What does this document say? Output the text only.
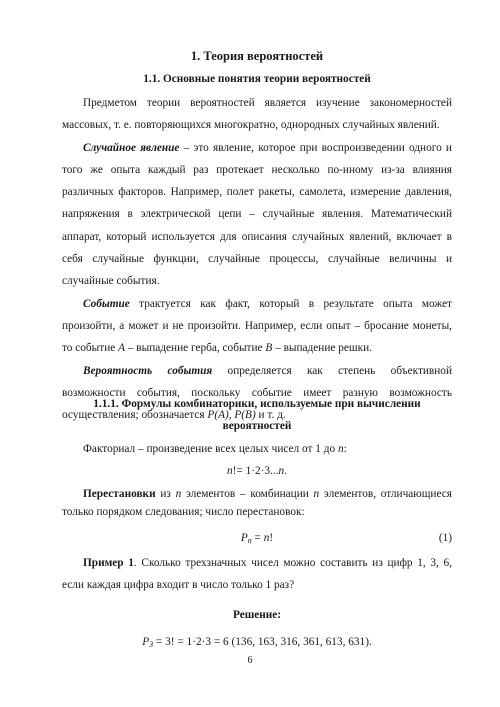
1. Теория вероятностей
1.1. Основные понятия теории вероятностей

Предметом теории вероятностей является изучение закономерностей массовых, т. е. повторяющихся многократно, однородных случайных явлений.

Случайное явление – это явление, которое при воспроизведении одного и того же опыта каждый раз протекает несколько по-иному из-за влияния различных факторов. Например, полет ракеты, самолета, измерение давления, напряжения в электрической цепи – случайные явления. Математический аппарат, который используется для описания случайных явлений, включает в себя случайные функции, случайные процессы, случайные величины и случайные события.

Событие трактуется как факт, который в результате опыта может произойти, а может и не произойти. Например, если опыт – бросание монеты, то событие A – выпадение герба, событие B – выпадение решки.

Вероятность события определяется как степень объективной возможности события, поскольку событие имеет разную возможность осуществления; обозначается P(A), P(B) и т. д.

1.1.1. Формулы комбинаторики, используемые при вычислении вероятностей

Факториал – произведение всех целых чисел от 1 до n:

n!= 1·2·3...n.

Перестановки из n элементов – комбинации n элементов, отличающиеся только порядком следования; число перестановок:

$P_n = n$!	(1)

Пример 1. Сколько трехзначных чисел можно составить из цифр 1, 3, 6, если каждая цифра входит в число только 1 раз?

Решение:

$P_3 = 3$! = 1·2·3 = 6 (136, 163, 316, 361, 613, 631).

6
